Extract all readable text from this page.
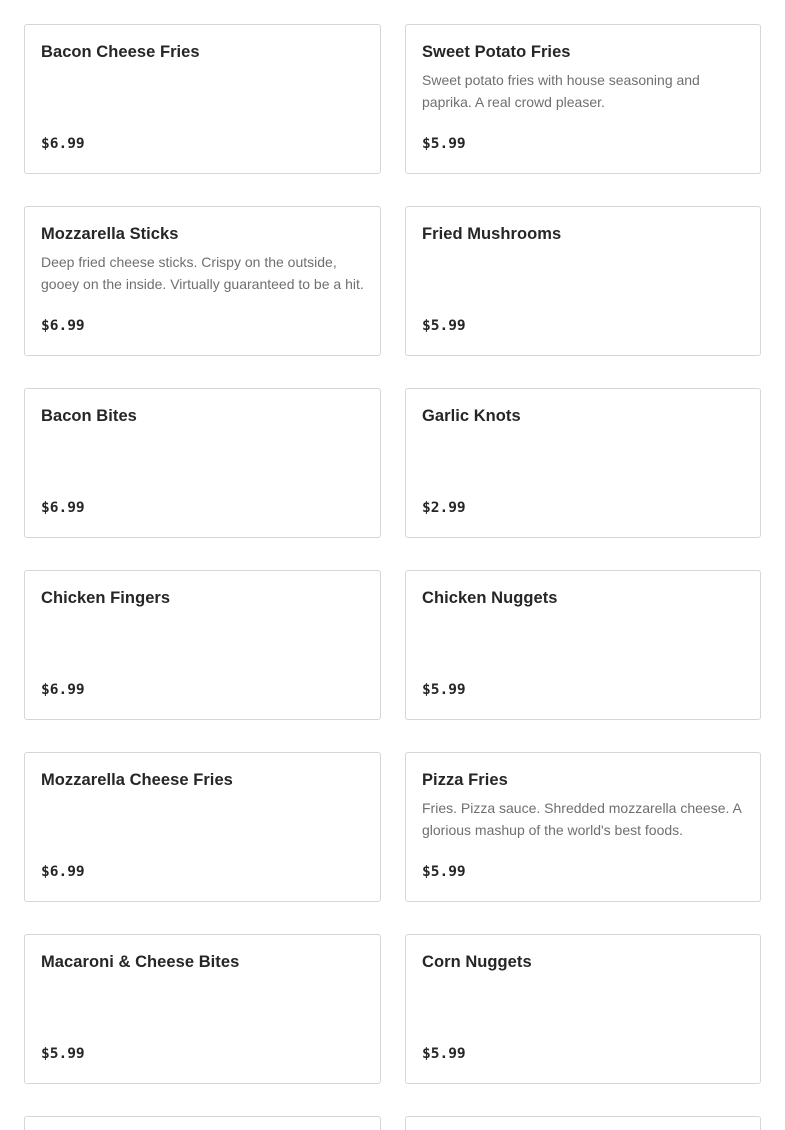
Bacon Cheese Fries
$6.99
Sweet Potato Fries
Sweet potato fries with house seasoning and paprika. A real crowd pleaser.
$5.99
Mozzarella Sticks
Deep fried cheese sticks. Crispy on the outside, gooey on the inside. Virtually guaranteed to be a hit.
$6.99
Fried Mushrooms
$5.99
Bacon Bites
$6.99
Garlic Knots
$2.99
Chicken Fingers
$6.99
Chicken Nuggets
$5.99
Mozzarella Cheese Fries
$6.99
Pizza Fries
Fries. Pizza sauce. Shredded mozzarella cheese. A glorious mashup of the world's best foods.
$5.99
Macaroni & Cheese Bites
$5.99
Corn Nuggets
$5.99
